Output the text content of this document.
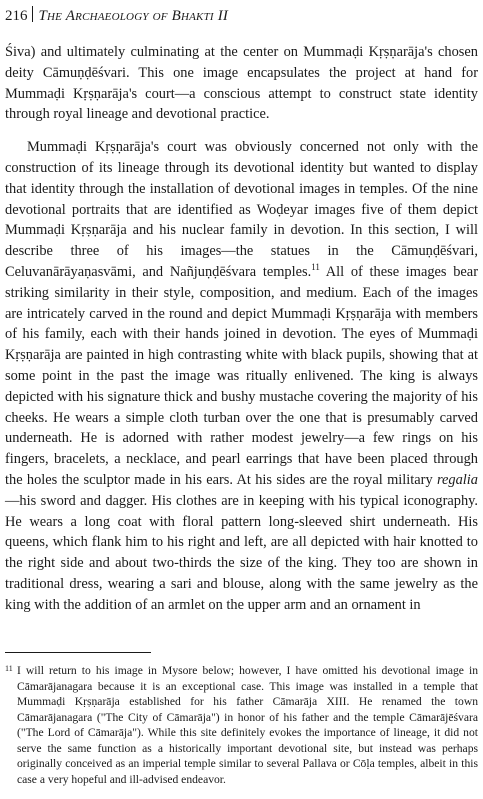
216 The Archaeology of Bhakti II

Śiva) and ultimately culminating at the center on Mummaḍi Kṛṣṇarāja's chosen deity Cāmuṇḍēśvari. This one image encapsulates the project at hand for Mummaḍi Kṛṣṇarāja's court—a conscious attempt to construct state identity through royal lineage and devotional practice.

Mummaḍi Kṛṣṇarāja's court was obviously concerned not only with the construction of its lineage through its devotional identity but wanted to display that identity through the installation of devotional images in temples. Of the nine devotional portraits that are identified as Woḍeyar images five of them depict Mummaḍi Kṛṣṇarāja and his nuclear family in devotion. In this section, I will describe three of his images—the statues in the Cāmuṇḍēśvari, Celuvanārāyaṇasvāmi, and Nañjuṇḍēśvara temples.$^{11}$ All of these images bear striking similarity in their style, composition, and medium. Each of the images are intricately carved in the round and depict Mummaḍi Kṛṣṇarāja with members of his family, each with their hands joined in devotion. The eyes of Mummaḍi Kṛṣṇarāja are painted in high contrasting white with black pupils, showing that at some point in the past the image was ritually enlivened. The king is always depicted with his signature thick and bushy mustache covering the majority of his cheeks. He wears a simple cloth turban over the one that is presumably carved underneath. He is adorned with rather modest jewelry—a few rings on his fingers, bracelets, a necklace, and pearl earrings that have been placed through the holes the sculptor made in his ears. At his sides are the royal military regalia—his sword and dagger. His clothes are in keeping with his typical iconography. He wears a long coat with floral pattern long-sleeved shirt underneath. His queens, which flank him to his right and left, are all depicted with hair knotted to the right side and about two-thirds the size of the king. They too are shown in traditional dress, wearing a sari and blouse, along with the same jewelry as the king with the addition of an armlet on the upper arm and an ornament in

11 I will return to his image in Mysore below; however, I have omitted his devotional image in Cāmarājanagara because it is an exceptional case. This image was installed in a temple that Mummaḍi Kṛṣṇarāja established for his father Cāmarāja XIII. He renamed the town Cāmarājanagara ("The City of Cāmarāja") in honor of his father and the temple Cāmarājēśvara ("The Lord of Cāmarāja"). While this site definitely evokes the importance of lineage, it did not serve the same function as a historically important devotional site, but instead was perhaps originally conceived as an imperial temple similar to several Pallava or Cōḷa temples, albeit in this case a very hopeful and ill-advised endeavor.
